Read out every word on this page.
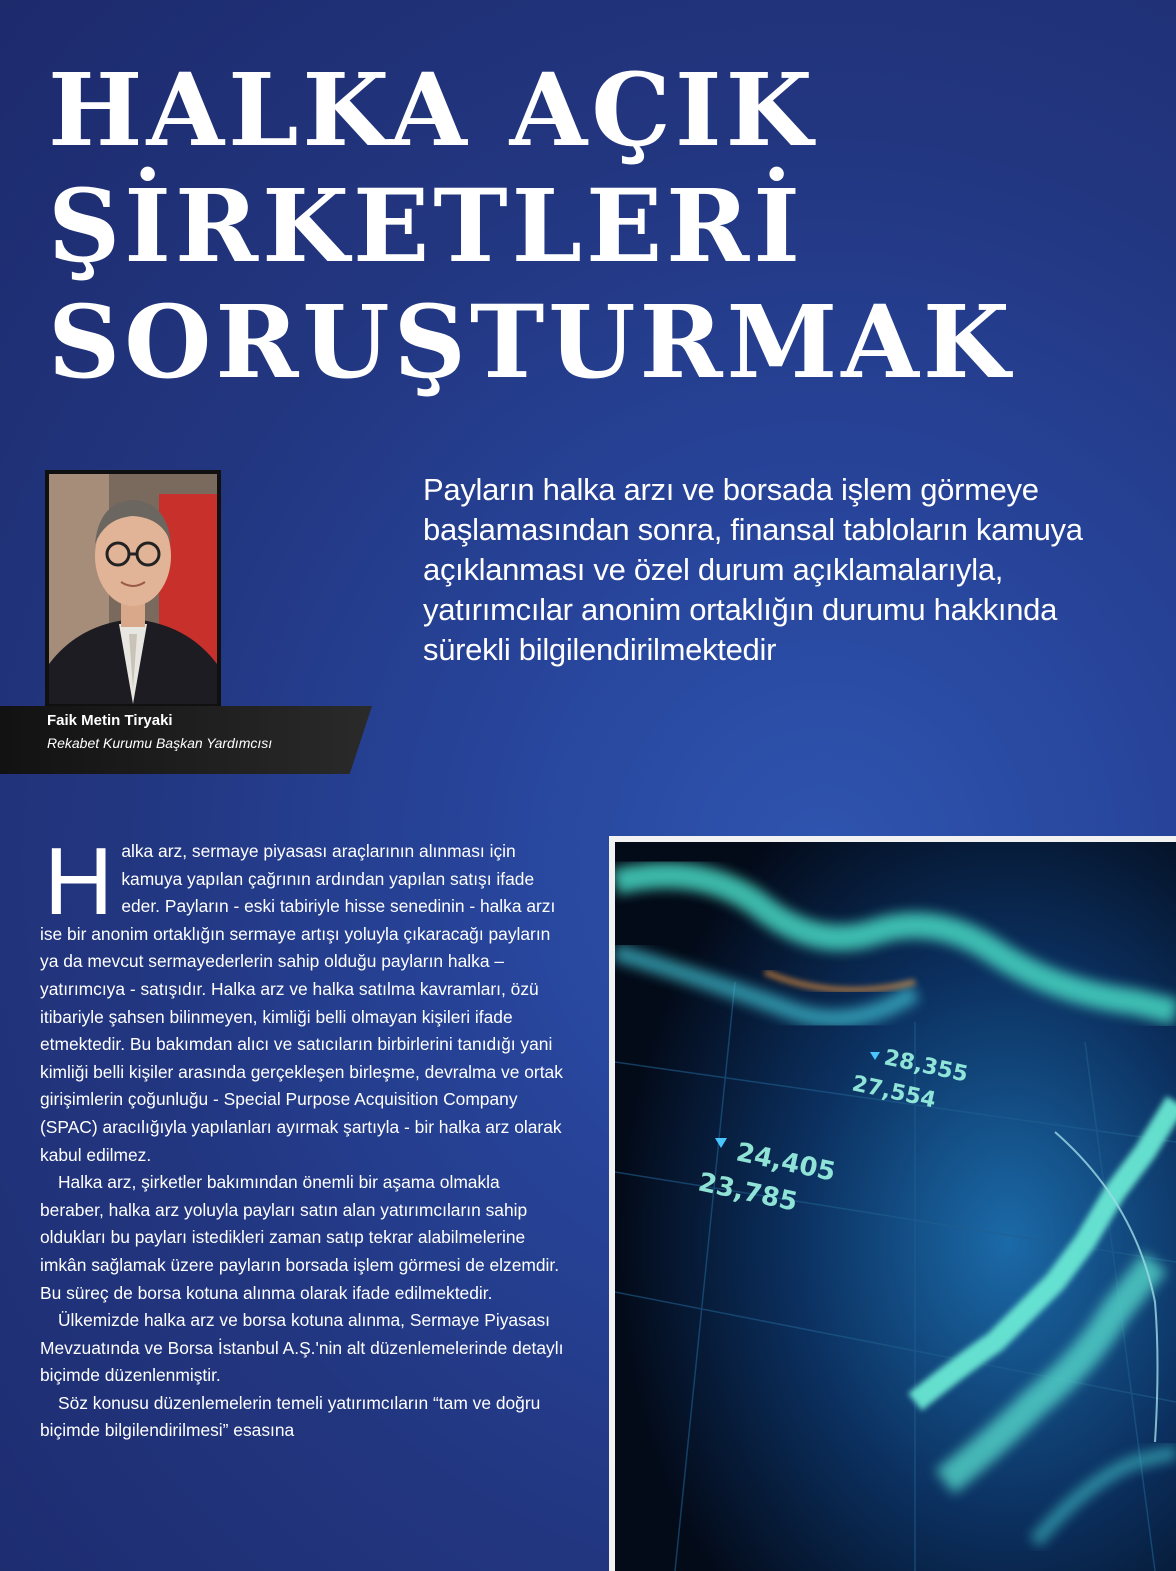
HALKA AÇIK
ŞİRKETLERİ
SORUŞTURMAK
Faik Metin Tiryaki
Rekabet Kurumu Başkan Yardımcısı

Payların halka arzı ve borsada işlem görmeye başlamasından sonra, finansal tabloların kamuya açıklanması ve özel durum açıklamalarıyla, yatırımcılar anonim ortaklığın durumu hakkında sürekli bilgilendirilmektedir

Halka arz, sermaye piyasası araçlarının alınması için kamuya yapılan çağrının ardından yapılan satışı ifade eder. Payların - eski tabiriyle hisse senedinin - halka arzı ise bir anonim ortaklığın sermaye artışı yoluyla çıkaracağı payların ya da mevcut sermayederlerin sahip olduğu payların halka – yatırımcıya - satışıdır. Halka arz ve halka satılma kavramları, özü itibariyle şahsen bilinmeyen, kimliği belli olmayan kişileri ifade etmektedir. Bu bakımdan alıcı ve satıcıların birbirlerini tanıdığı yani kimliği belli kişiler arasında gerçekleşen birleşme, devralma ve ortak girişimlerin çoğunluğu - Special Purpose Acquisition Company (SPAC) aracılığıyla yapılanları ayırmak şartıyla - bir halka arz olarak kabul edilmez.

Halka arz, şirketler bakımından önemli bir aşama olmakla beraber, halka arz yoluyla payları satın alan yatırımcıların sahip oldukları bu payları istedikleri zaman satıp tekrar alabilmelerine imkân sağlamak üzere payların borsada işlem görmesi de elzemdir. Bu süreç de borsa kotuna alınma olarak ifade edilmektedir.

Ülkemizde halka arz ve borsa kotuna alınma, Sermaye Piyasası Mevzuatında ve Borsa İstanbul A.Ş.'nin alt düzenlemelerinde detaylı biçimde düzenlenmiştir.

Söz konusu düzenlemelerin temeli yatırımcıların “tam ve doğru biçimde bilgilendirilmesi” esasına

28,355
27,554
24,405
23,785
